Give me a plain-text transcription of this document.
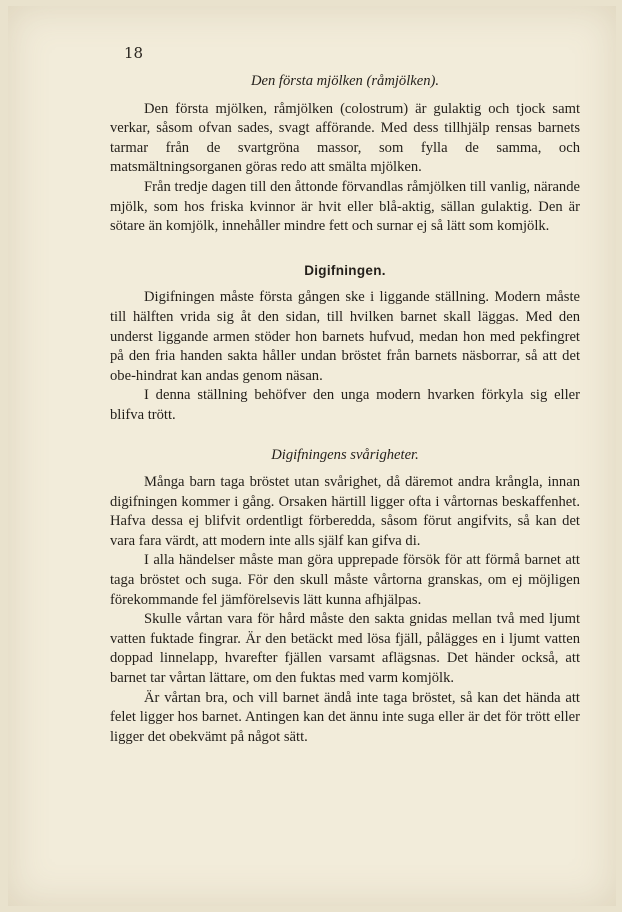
18
Den första mjölken (råmjölken).

Den första mjölken, råmjölken (colostrum) är gulaktig och tjock samt verkar, såsom ofvan sades, svagt afförande. Med dess tillhjälp rensas barnets tarmar från de svartgröna massor, som fylla de samma, och matsmältningsorganen göras redo att smälta mjölken.

Från tredje dagen till den åttonde förvandlas råmjölken till vanlig, närande mjölk, som hos friska kvinnor är hvit eller blå-aktig, sällan gulaktig. Den är sötare än komjölk, innehåller mindre fett och surnar ej så lätt som komjölk.

Digifningen.

Digifningen måste första gången ske i liggande ställning. Modern måste till hälften vrida sig åt den sidan, till hvilken barnet skall läggas. Med den underst liggande armen stöder hon barnets hufvud, medan hon med pekfingret på den fria handen sakta håller undan bröstet från barnets näsborrar, så att det obe-hindrat kan andas genom näsan.

I denna ställning behöfver den unga modern hvarken förkyla sig eller blifva trött.

Digifningens svårigheter.

Många barn taga bröstet utan svårighet, då däremot andra krångla, innan digifningen kommer i gång. Orsaken härtill ligger ofta i vårtornas beskaffenhet. Hafva dessa ej blifvit ordentligt förberedda, såsom förut angifvits, så kan det vara fara värdt, att modern inte alls själf kan gifva di.

I alla händelser måste man göra upprepade försök för att förmå barnet att taga bröstet och suga. För den skull måste vårtorna granskas, om ej möjligen förekommande fel jämförelsevis lätt kunna afhjälpas.

Skulle vårtan vara för hård måste den sakta gnidas mellan två med ljumt vatten fuktade fingrar. Är den betäckt med lösa fjäll, pålägges en i ljumt vatten doppad linnelapp, hvarefter fjällen varsamt aflägsnas. Det händer också, att barnet tar vårtan lättare, om den fuktas med varm komjölk.

Är vårtan bra, och vill barnet ändå inte taga bröstet, så kan det hända att felet ligger hos barnet. Antingen kan det ännu inte suga eller är det för trött eller ligger det obekvämt på något sätt.
